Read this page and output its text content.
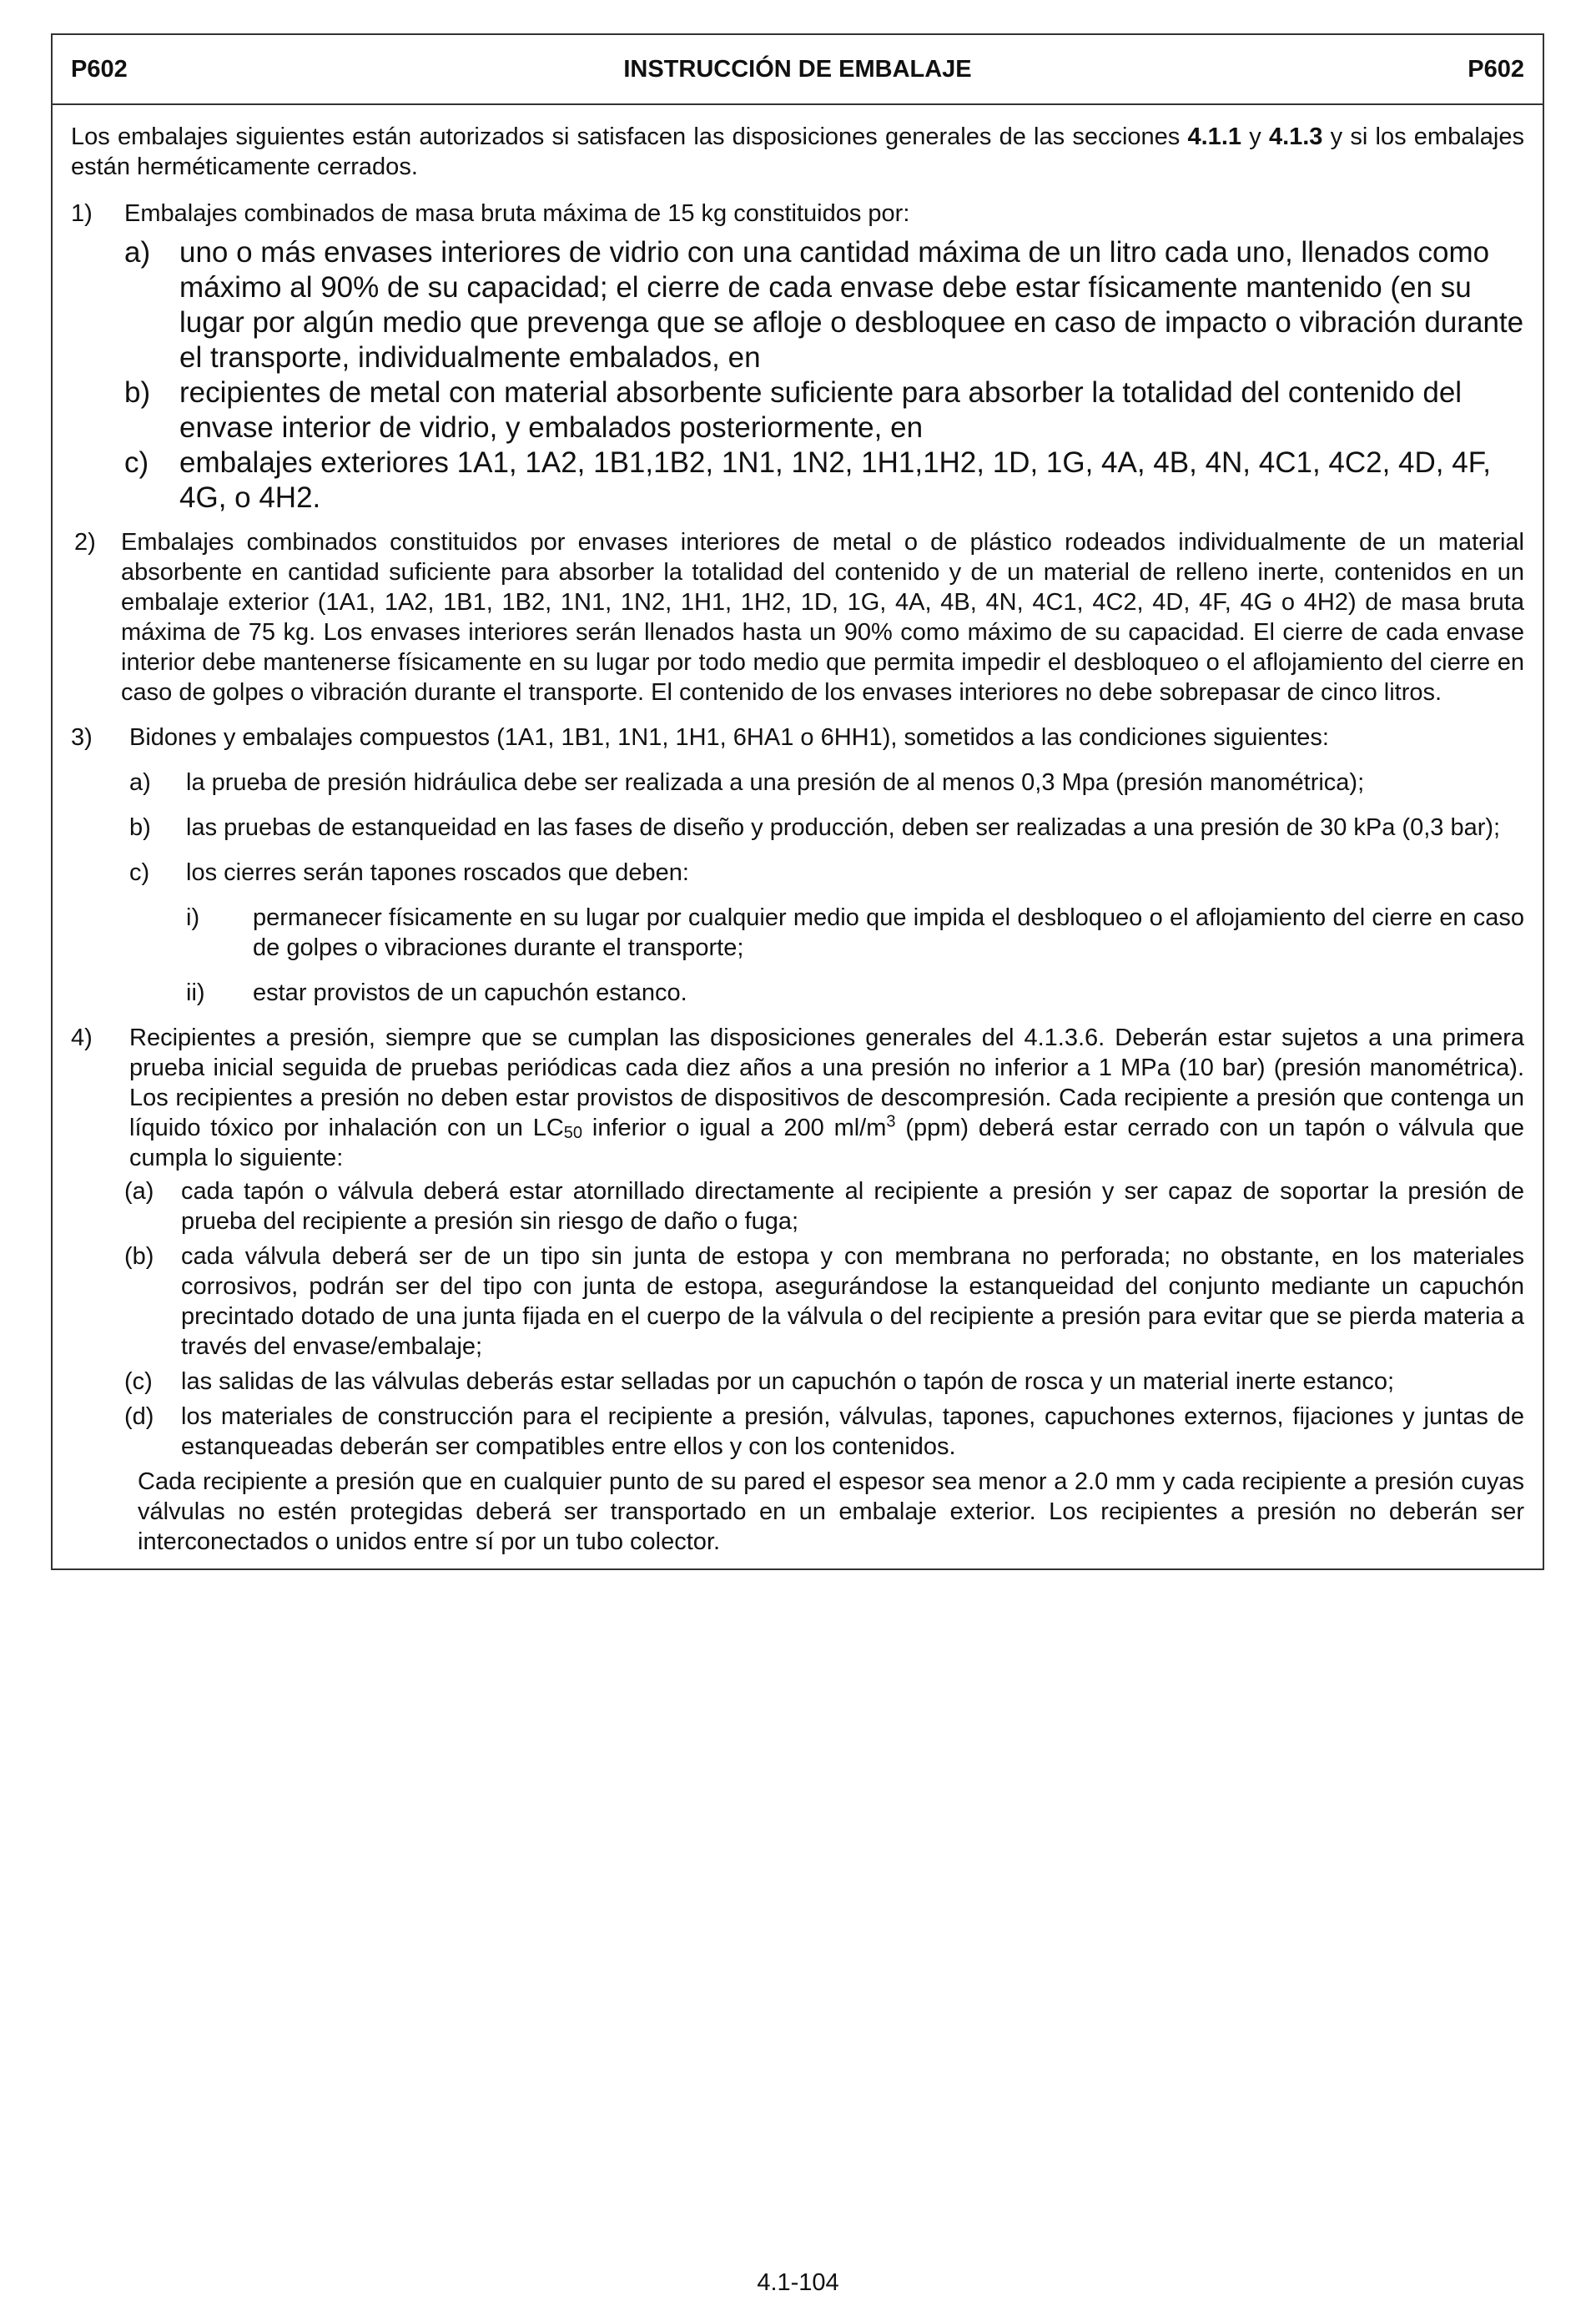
P602	INSTRUCCIÓN DE EMBALAJE	P602

Los embalajes siguientes están autorizados si satisfacen las disposiciones generales de las secciones 4.1.1 y 4.1.3 y si los embalajes están herméticamente cerrados.

1)	Embalajes combinados de masa bruta máxima de 15 kg constituidos por:
a) uno o más envases interiores de vidrio con una cantidad máxima de un litro cada uno, llenados como máximo al 90% de su capacidad; el cierre de cada envase debe estar físicamente mantenido (en su lugar por algún medio que prevenga que se afloje o desbloquee en caso de impacto o vibración durante el transporte, individualmente embalados, en
b) recipientes de metal con material absorbente suficiente para absorber la totalidad del contenido del envase interior de vidrio, y embalados posteriormente, en
c)	embalajes exteriores 1A1, 1A2, 1B1,1B2, 1N1, 1N2, 1H1,1H2, 1D, 1G, 4A, 4B, 4N, 4C1, 4C2, 4D, 4F, 4G, o 4H2.
2)	Embalajes combinados constituidos por envases interiores de metal o de plástico rodeados individualmente de un material absorbente en cantidad suficiente para absorber la totalidad del contenido y de un material de relleno inerte, contenidos en un embalaje exterior (1A1, 1A2, 1B1, 1B2, 1N1, 1N2, 1H1, 1H2, 1D, 1G, 4A, 4B, 4N, 4C1, 4C2, 4D, 4F, 4G o 4H2) de masa bruta máxima de 75 kg. Los envases interiores serán llenados hasta un 90% como máximo de su capacidad. El cierre de cada envase interior debe mantenerse físicamente en su lugar por todo medio que permita impedir el desbloqueo o el aflojamiento del cierre en caso de golpes o vibración durante el transporte. El contenido de los envases interiores no debe sobrepasar de cinco litros.
3)	Bidones y embalajes compuestos (1A1, 1B1, 1N1, 1H1, 6HA1 o 6HH1), sometidos a las condiciones siguientes:
a)	la prueba de presión hidráulica debe ser realizada a una presión de al menos 0,3 Mpa (presión manométrica);
b)	las pruebas de estanqueidad en las fases de diseño y producción, deben ser realizadas a una presión de 30 kPa (0,3 bar);
c)	los cierres serán tapones roscados que deben:
i)	permanecer físicamente en su lugar por cualquier medio que impida el desbloqueo o el aflojamiento del cierre en caso de golpes o vibraciones durante el transporte;
ii)	estar provistos de un capuchón estanco.
4)	Recipientes a presión, siempre que se cumplan las disposiciones generales del 4.1.3.6. Deberán estar sujetos a una primera prueba inicial seguida de pruebas periódicas cada diez años a una presión no inferior a 1 MPa (10 bar) (presión manométrica). Los recipientes a presión no deben estar provistos de dispositivos de descompresión. Cada recipiente a presión que contenga un líquido tóxico por inhalación con un $LC_{50}$ inferior o igual a 200 $ml/m^3$ (ppm) deberá estar cerrado con un tapón o válvula que cumpla lo siguiente:
(a)	cada tapón o válvula deberá estar atornillado directamente al recipiente a presión y ser capaz de soportar la presión de prueba del recipiente a presión sin riesgo de daño o fuga;
(b)	cada válvula deberá ser de un tipo sin junta de estopa y con membrana no perforada; no obstante, en los materiales corrosivos, podrán ser del tipo con junta de estopa, asegurándose la estanqueidad del conjunto mediante un capuchón precintado dotado de una junta fijada en el cuerpo de la válvula o del recipiente a presión para evitar que se pierda materia a través del envase/embalaje;
(c)	las salidas de las válvulas deberás estar selladas por un capuchón o tapón de rosca y un material inerte estanco;
(d)	los materiales de construcción para el recipiente a presión, válvulas, tapones, capuchones externos, fijaciones y juntas de estanqueadas deberán ser compatibles entre ellos y con los contenidos.

Cada recipiente a presión que en cualquier punto de su pared el espesor sea menor a 2.0 mm y cada recipiente a presión cuyas válvulas no estén protegidas deberá ser transportado en un embalaje exterior. Los recipientes a presión no deberán ser interconectados o unidos entre sí por un tubo colector.

4.1-104
